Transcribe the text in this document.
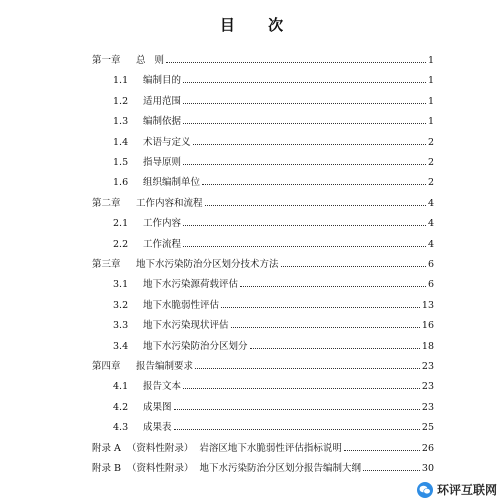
目 次
第一章	总   则	1
1.1	编制目的	1
1.2	适用范围	1
1.3	编制依据	1
1.4	术语与定义	2
1.5	指导原则	2
1.6	组织编制单位	2
第二章	工作内容和流程	4
2.1	工作内容	4
2.2	工作流程	4
第三章	地下水污染防治分区划分技术方法	6
3.1	地下水污染源荷载评估	6
3.2	地下水脆弱性评估	13
3.3	地下水污染现状评估	16
3.4	地下水污染防治分区划分	18
第四章	报告编制要求	23
4.1	报告文本	23
4.2	成果图	23
4.3	成果表	25
附录 A （资料性附录）  岩溶区地下水脆弱性评估指标说明	26
附录 B （资料性附录）  地下水污染防治分区划分报告编制大纲	30
环评互联网
